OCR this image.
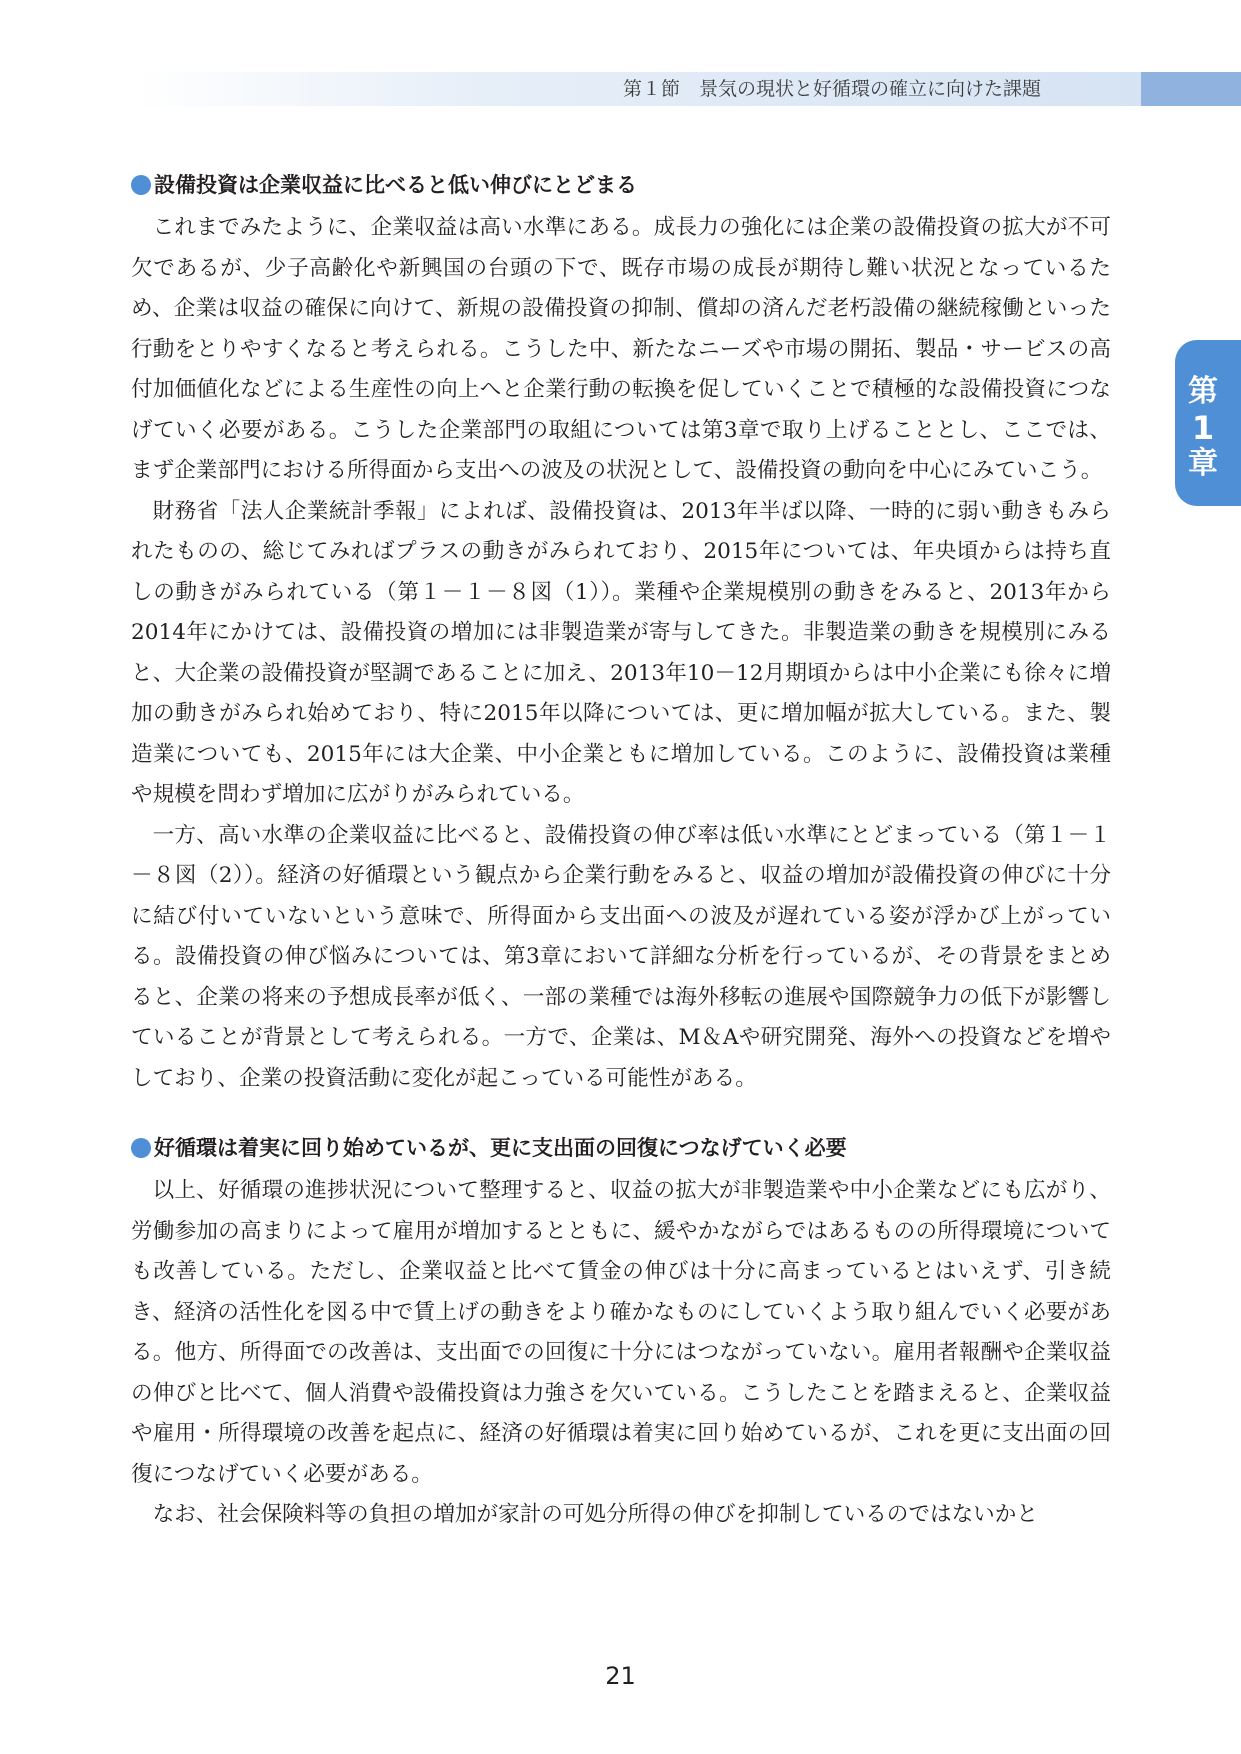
第１節　景気の現状と好循環の確立に向けた課題
第
1
章
設備投資は企業収益に比べると低い伸びにとどまる

これまでみたように、企業収益は高い水準にある。成長力の強化には企業の設備投資の拡大が不可欠であるが、少子高齢化や新興国の台頭の下で、既存市場の成長が期待し難い状況となっているため、企業は収益の確保に向けて、新規の設備投資の抑制、償却の済んだ老朽設備の継続稼働といった行動をとりやすくなると考えられる。こうした中、新たなニーズや市場の開拓、製品・サービスの高付加価値化などによる生産性の向上へと企業行動の転換を促していくことで積極的な設備投資につなげていく必要がある。こうした企業部門の取組については第3章で取り上げることとし、ここでは、まず企業部門における所得面から支出への波及の状況として、設備投資の動向を中心にみていこう。

財務省「法人企業統計季報」によれば、設備投資は、2013年半ば以降、一時的に弱い動きもみられたものの、総じてみればプラスの動きがみられており、2015年については、年央頃からは持ち直しの動きがみられている（第１－１－８図（1））。業種や企業規模別の動きをみると、2013年から2014年にかけては、設備投資の増加には非製造業が寄与してきた。非製造業の動きを規模別にみると、大企業の設備投資が堅調であることに加え、2013年10－12月期頃からは中小企業にも徐々に増加の動きがみられ始めており、特に2015年以降については、更に増加幅が拡大している。また、製造業についても、2015年には大企業、中小企業ともに増加している。このように、設備投資は業種や規模を問わず増加に広がりがみられている。

一方、高い水準の企業収益に比べると、設備投資の伸び率は低い水準にとどまっている（第１－１－８図（2））。経済の好循環という観点から企業行動をみると、収益の増加が設備投資の伸びに十分に結び付いていないという意味で、所得面から支出面への波及が遅れている姿が浮かび上がっている。設備投資の伸び悩みについては、第3章において詳細な分析を行っているが、その背景をまとめると、企業の将来の予想成長率が低く、一部の業種では海外移転の進展や国際競争力の低下が影響していることが背景として考えられる。一方で、企業は、M＆Aや研究開発、海外への投資などを増やしており、企業の投資活動に変化が起こっている可能性がある。

好循環は着実に回り始めているが、更に支出面の回復につなげていく必要

以上、好循環の進捗状況について整理すると、収益の拡大が非製造業や中小企業などにも広がり、労働参加の高まりによって雇用が増加するとともに、緩やかながらではあるものの所得環境についても改善している。ただし、企業収益と比べて賃金の伸びは十分に高まっているとはいえず、引き続き、経済の活性化を図る中で賃上げの動きをより確かなものにしていくよう取り組んでいく必要がある。他方、所得面での改善は、支出面での回復に十分にはつながっていない。雇用者報酬や企業収益の伸びと比べて、個人消費や設備投資は力強さを欠いている。こうしたことを踏まえると、企業収益や雇用・所得環境の改善を起点に、経済の好循環は着実に回り始めているが、これを更に支出面の回復につなげていく必要がある。

なお、社会保険料等の負担の増加が家計の可処分所得の伸びを抑制しているのではないかと

21
